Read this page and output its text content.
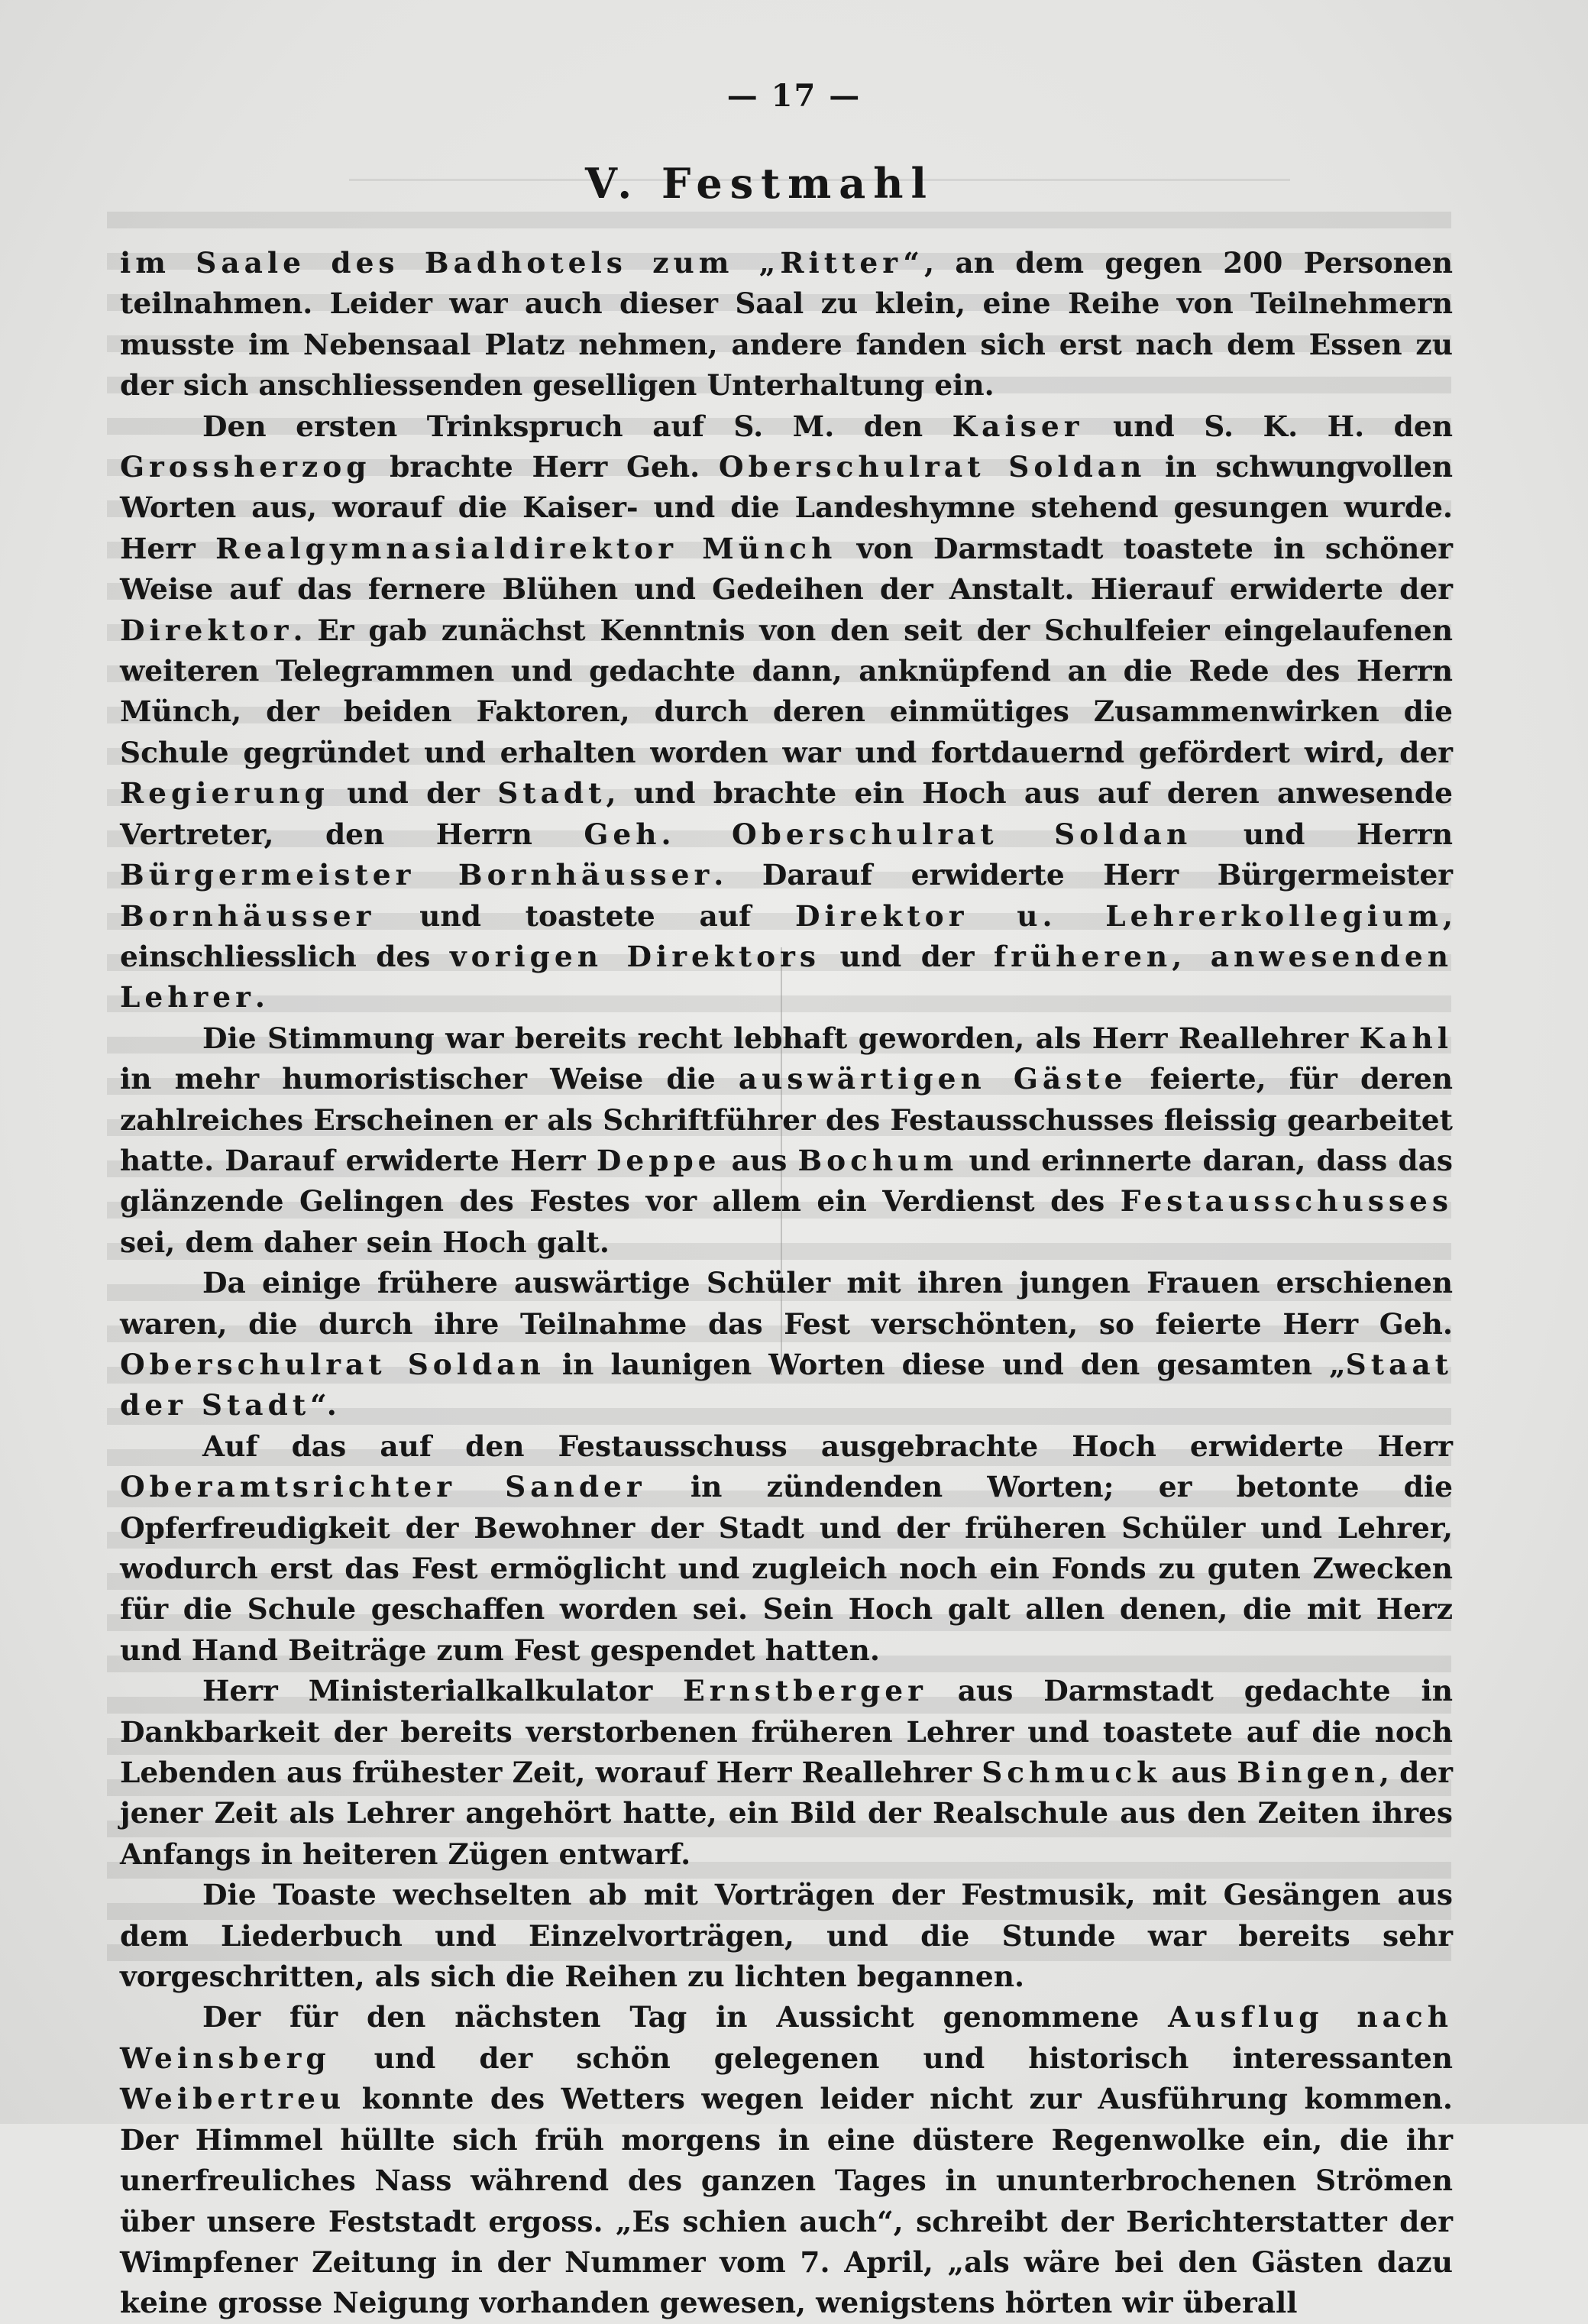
— 17 —
V. Festmahl

im Saale des Badhotels zum „Ritter“, an dem gegen 200 Personen teilnahmen. Leider war auch dieser Saal zu klein, eine Reihe von Teilnehmern musste im Nebensaal Platz nehmen, andere fanden sich erst nach dem Essen zu der sich anschliessenden geselligen Unterhaltung ein.

Den ersten Trinkspruch auf S. M. den Kaiser und S. K. H. den Grossherzog brachte Herr Geh. Oberschulrat Soldan in schwungvollen Worten aus, worauf die Kaiser- und die Landeshymne stehend gesungen wurde. Herr Realgymnasialdirektor Münch von Darmstadt toastete in schöner Weise auf das fernere Blühen und Gedeihen der Anstalt. Hierauf erwiderte der Direktor. Er gab zunächst Kenntnis von den seit der Schulfeier eingelaufenen weiteren Telegrammen und gedachte dann, anknüpfend an die Rede des Herrn Münch, der beiden Faktoren, durch deren einmütiges Zusammenwirken die Schule gegründet und erhalten worden war und fortdauernd gefördert wird, der Regierung und der Stadt, und brachte ein Hoch aus auf deren anwesende Vertreter, den Herrn Geh. Oberschulrat Soldan und Herrn Bürgermeister Bornhäusser. Darauf erwiderte Herr Bürgermeister Bornhäusser und toastete auf Direktor u. Lehrerkollegium, einschliesslich des vorigen Direktors und der früheren, anwesenden Lehrer.

Die Stimmung war bereits recht lebhaft geworden, als Herr Reallehrer Kahl in mehr humoristischer Weise die auswärtigen Gäste feierte, für deren zahlreiches Erscheinen er als Schriftführer des Festausschusses fleissig gearbeitet hatte. Darauf erwiderte Herr Deppe aus Bochum und erinnerte daran, dass das glänzende Gelingen des Festes vor allem ein Verdienst des Festausschusses sei, dem daher sein Hoch galt.

Da einige frühere auswärtige Schüler mit ihren jungen Frauen erschienen waren, die durch ihre Teilnahme das Fest verschönten, so feierte Herr Geh. Oberschulrat Soldan in launigen Worten diese und den gesamten „Staat der Stadt“.

Auf das auf den Festausschuss ausgebrachte Hoch erwiderte Herr Oberamtsrichter Sander in zündenden Worten; er betonte die Opferfreudigkeit der Bewohner der Stadt und der früheren Schüler und Lehrer, wodurch erst das Fest ermöglicht und zugleich noch ein Fonds zu guten Zwecken für die Schule geschaffen worden sei. Sein Hoch galt allen denen, die mit Herz und Hand Beiträge zum Fest gespendet hatten.

Herr Ministerialkalkulator Ernstberger aus Darmstadt gedachte in Dankbarkeit der bereits verstorbenen früheren Lehrer und toastete auf die noch Lebenden aus frühester Zeit, worauf Herr Reallehrer Schmuck aus Bingen, der jener Zeit als Lehrer angehört hatte, ein Bild der Realschule aus den Zeiten ihres Anfangs in heiteren Zügen entwarf.

Die Toaste wechselten ab mit Vorträgen der Festmusik, mit Gesängen aus dem Liederbuch und Einzelvorträgen, und die Stunde war bereits sehr vorgeschritten, als sich die Reihen zu lichten begannen.

Der für den nächsten Tag in Aussicht genommene Ausflug nach Weinsberg und der schön gelegenen und historisch interessanten Weibertreu konnte des Wetters wegen leider nicht zur Ausführung kommen. Der Himmel hüllte sich früh morgens in eine düstere Regenwolke ein, die ihr unerfreuliches Nass während des ganzen Tages in ununterbrochenen Strömen über unsere Feststadt ergoss. „Es schien auch“, schreibt der Berichterstatter der Wimpfener Zeitung in der Nummer vom 7. April, „als wäre bei den Gästen dazu keine grosse Neigung vorhanden gewesen, wenigstens hörten wir überall
